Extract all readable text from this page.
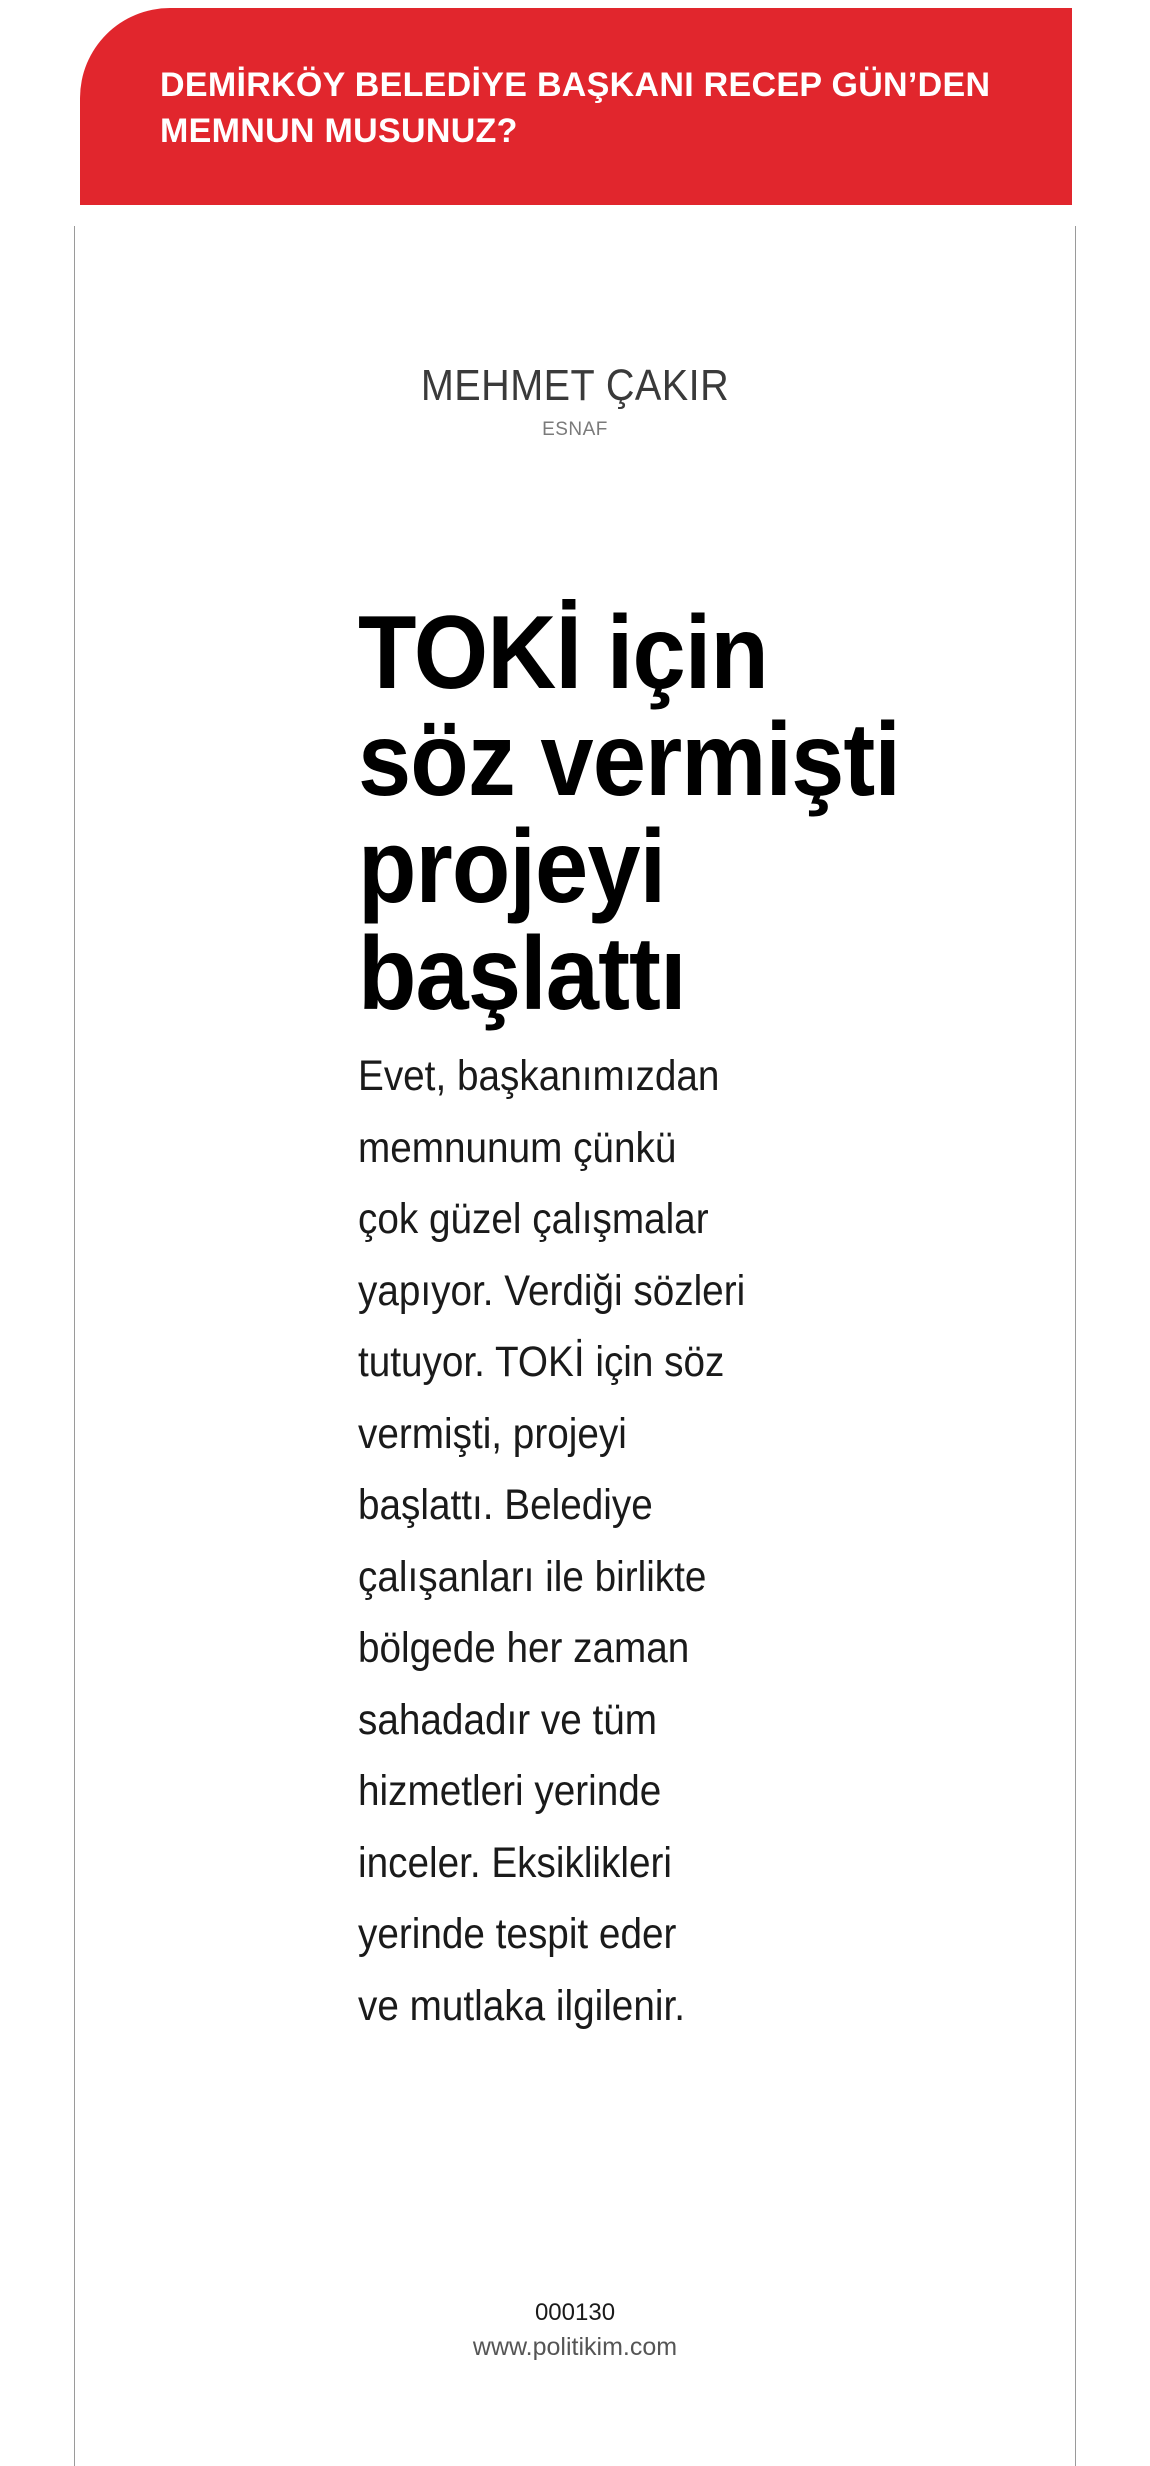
DEMİRKÖY BELEDİYE BAŞKANI RECEP GÜN’DEN
MEMNUN MUSUNUZ?
MEHMET ÇAKIR
ESNAF
TOKİ için
söz vermişti
projeyi
başlattı

Evet, başkanımızdan
memnunum çünkü
çok güzel çalışmalar
yapıyor. Verdiği sözleri
tutuyor. TOKİ için söz
vermişti, projeyi
başlattı. Belediye
çalışanları ile birlikte
bölgede her zaman
sahadadır ve tüm
hizmetleri yerinde
inceler. Eksiklikleri
yerinde tespit eder
ve mutlaka ilgilenir.

000130
www.politikim.com
